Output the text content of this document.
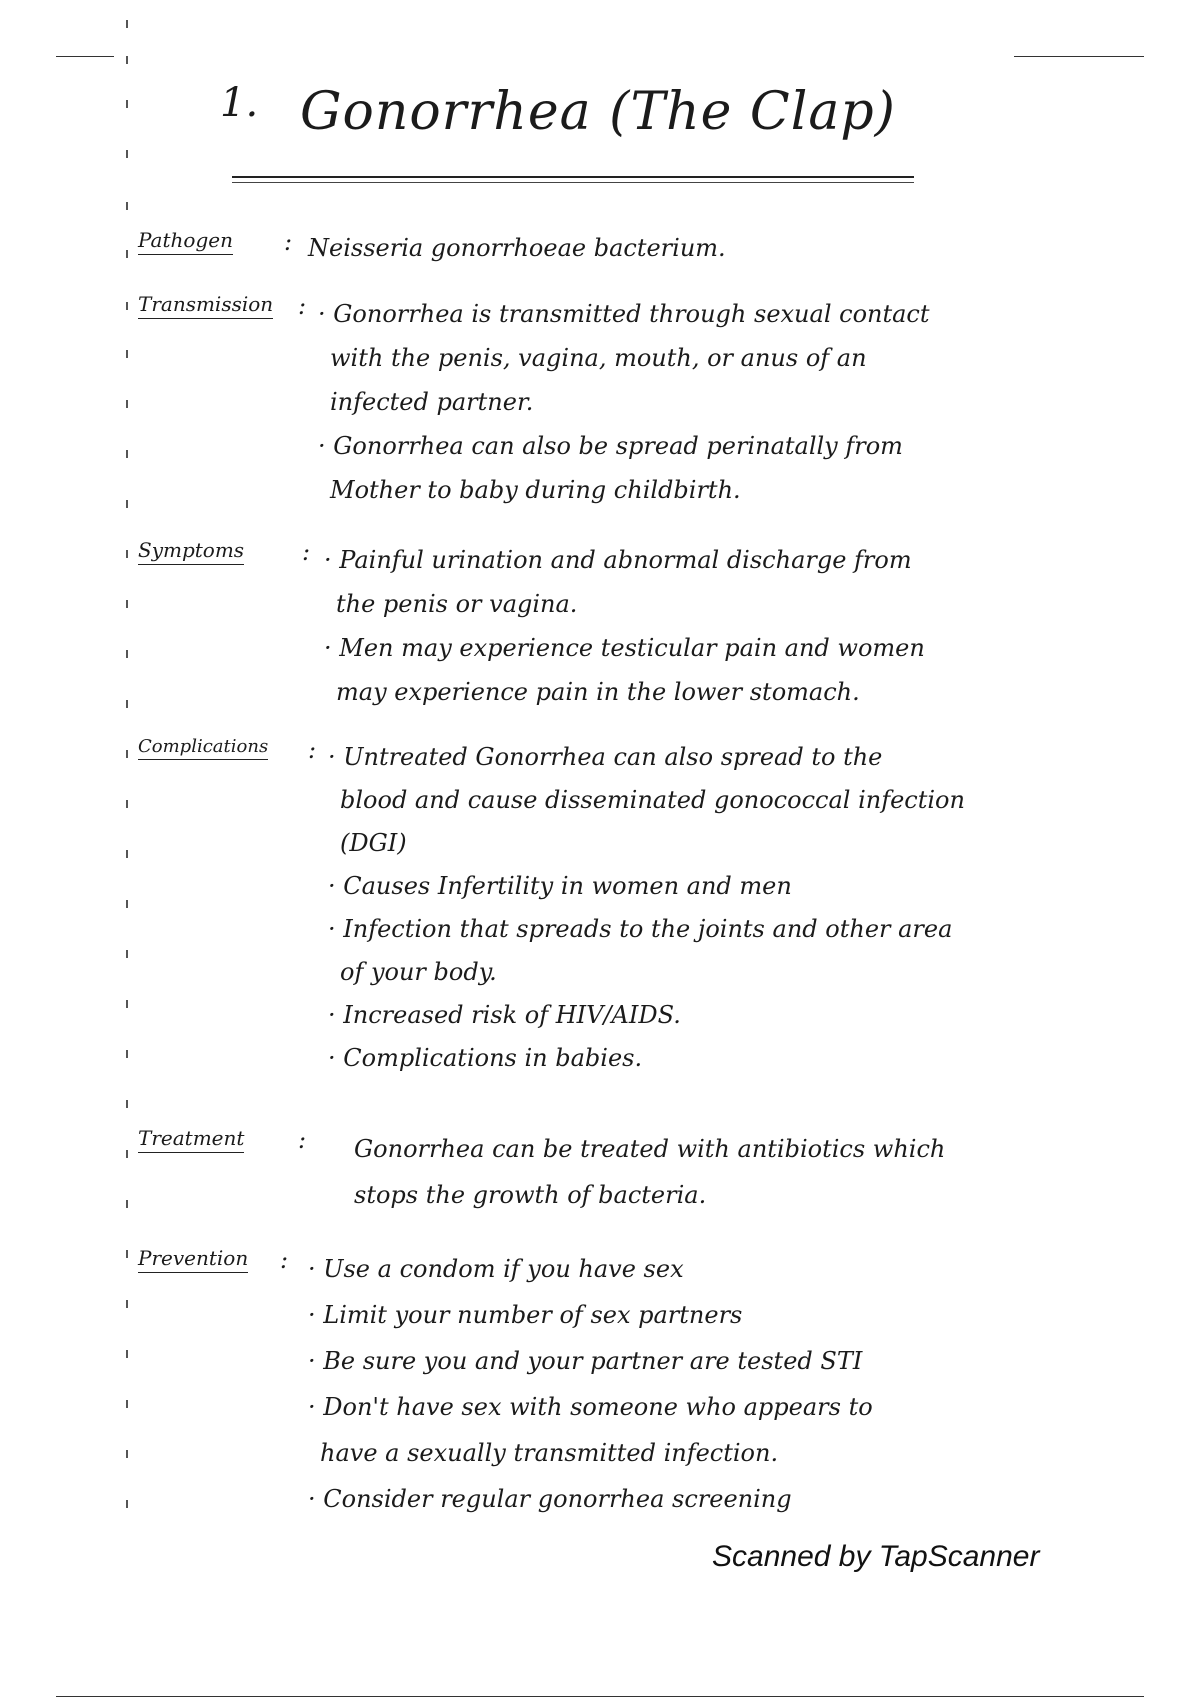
1. Gonorrhea (The Clap)
Pathogen : Neisseria gonorrhoeae bacterium.
Transmission : · Gonorrhea is transmitted through sexual contact
with the penis, vagina, mouth, or anus of an
infected partner.
· Gonorrhea can also be spread perinatally from
Mother to baby during childbirth.
Symptoms : · Painful urination and abnormal discharge from
the penis or vagina.
· Men may experience testicular pain and women
may experience pain in the lower stomach.
Complications : · Untreated Gonorrhea can also spread to the
blood and cause disseminated gonococcal infection
(DGI)
· Causes Infertility in women and men
· Infection that spreads to the joints and other area
of your body.
· Increased risk of HIV/AIDS.
· Complications in babies.
Treatment : Gonorrhea can be treated with antibiotics which
stops the growth of bacteria.
Prevention : · Use a condom if you have sex
· Limit your number of sex partners
· Be sure you and your partner are tested STI
· Don't have sex with someone who appears to
have a sexually transmitted infection.
· Consider regular gonorrhea screening
Scanned by TapScanner
